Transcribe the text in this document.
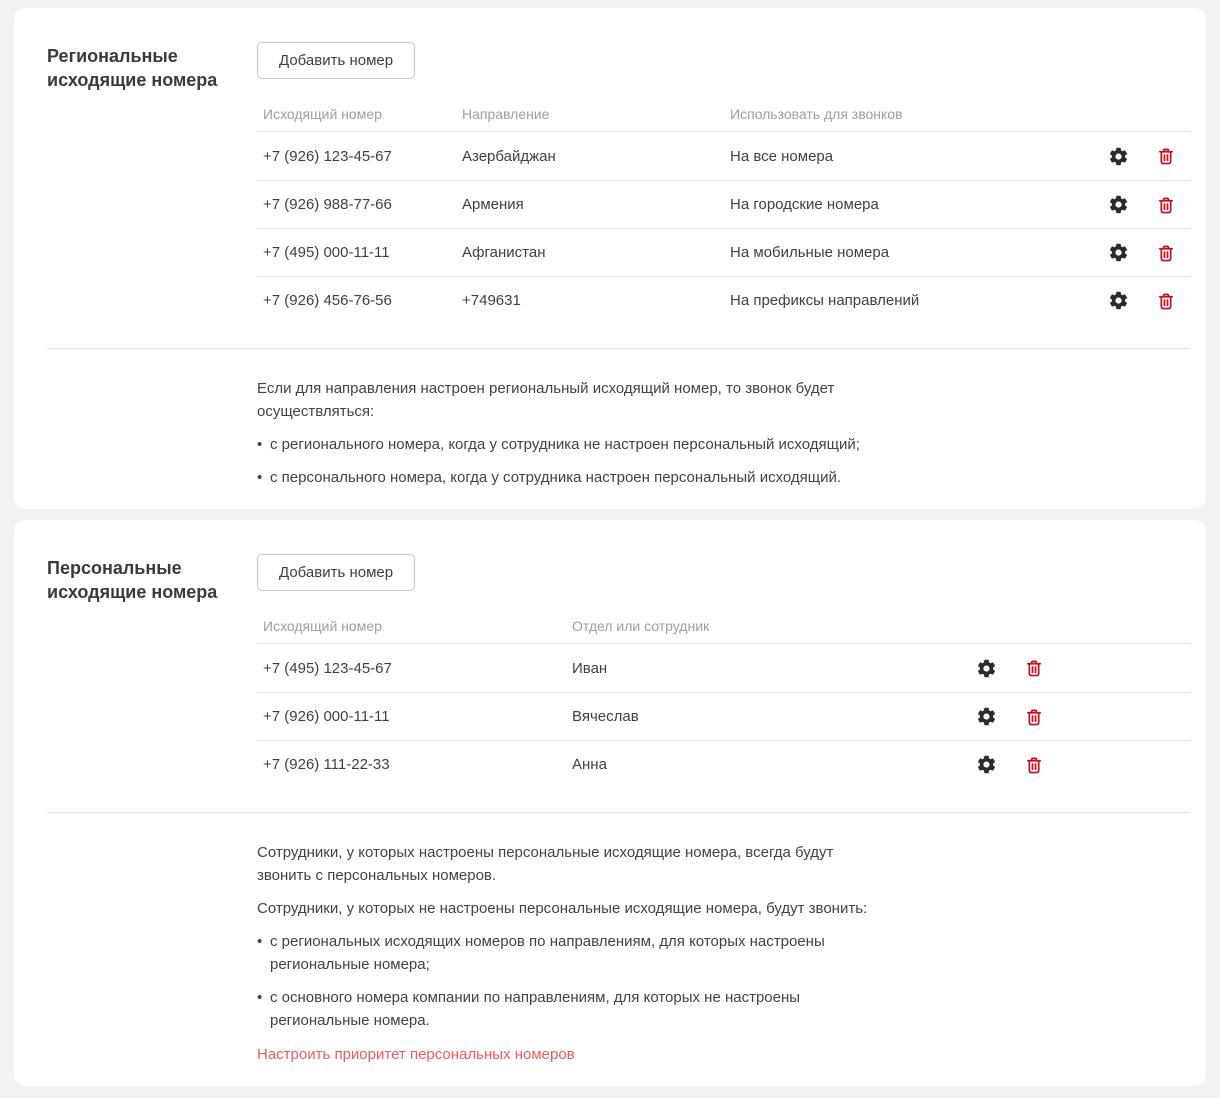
Региональные исходящие номера
Добавить номер
Исходящий номер	Направление	Использовать для звонков
+7 (926) 123-45-67	Азербайджан	На все номера
+7 (926) 988-77-66	Армения	На городские номера
+7 (495) 000-11-11	Афганистан	На мобильные номера
+7 (926) 456-76-56	+749631	На префиксы направлений

Если для направления настроен региональный исходящий номер, то звонок будет осуществляться:

• с регионального номера, когда у сотрудника не настроен персональный исходящий;

• с персонального номера, когда у сотрудника настроен персональный исходящий.

Персональные исходящие номера
Добавить номер
Исходящий номер	Отдел или сотрудник
+7 (495) 123-45-67	Иван
+7 (926) 000-11-11	Вячеслав
+7 (926) 111-22-33	Анна

Сотрудники, у которых настроены персональные исходящие номера, всегда будут звонить с персональных номеров.

Сотрудники, у которых не настроены персональные исходящие номера, будут звонить:

• с региональных исходящих номеров по направлениям, для которых настроены региональные номера;

• с основного номера компании по направлениям, для которых не настроены региональные номера.

Настроить приоритет персональных номеров
